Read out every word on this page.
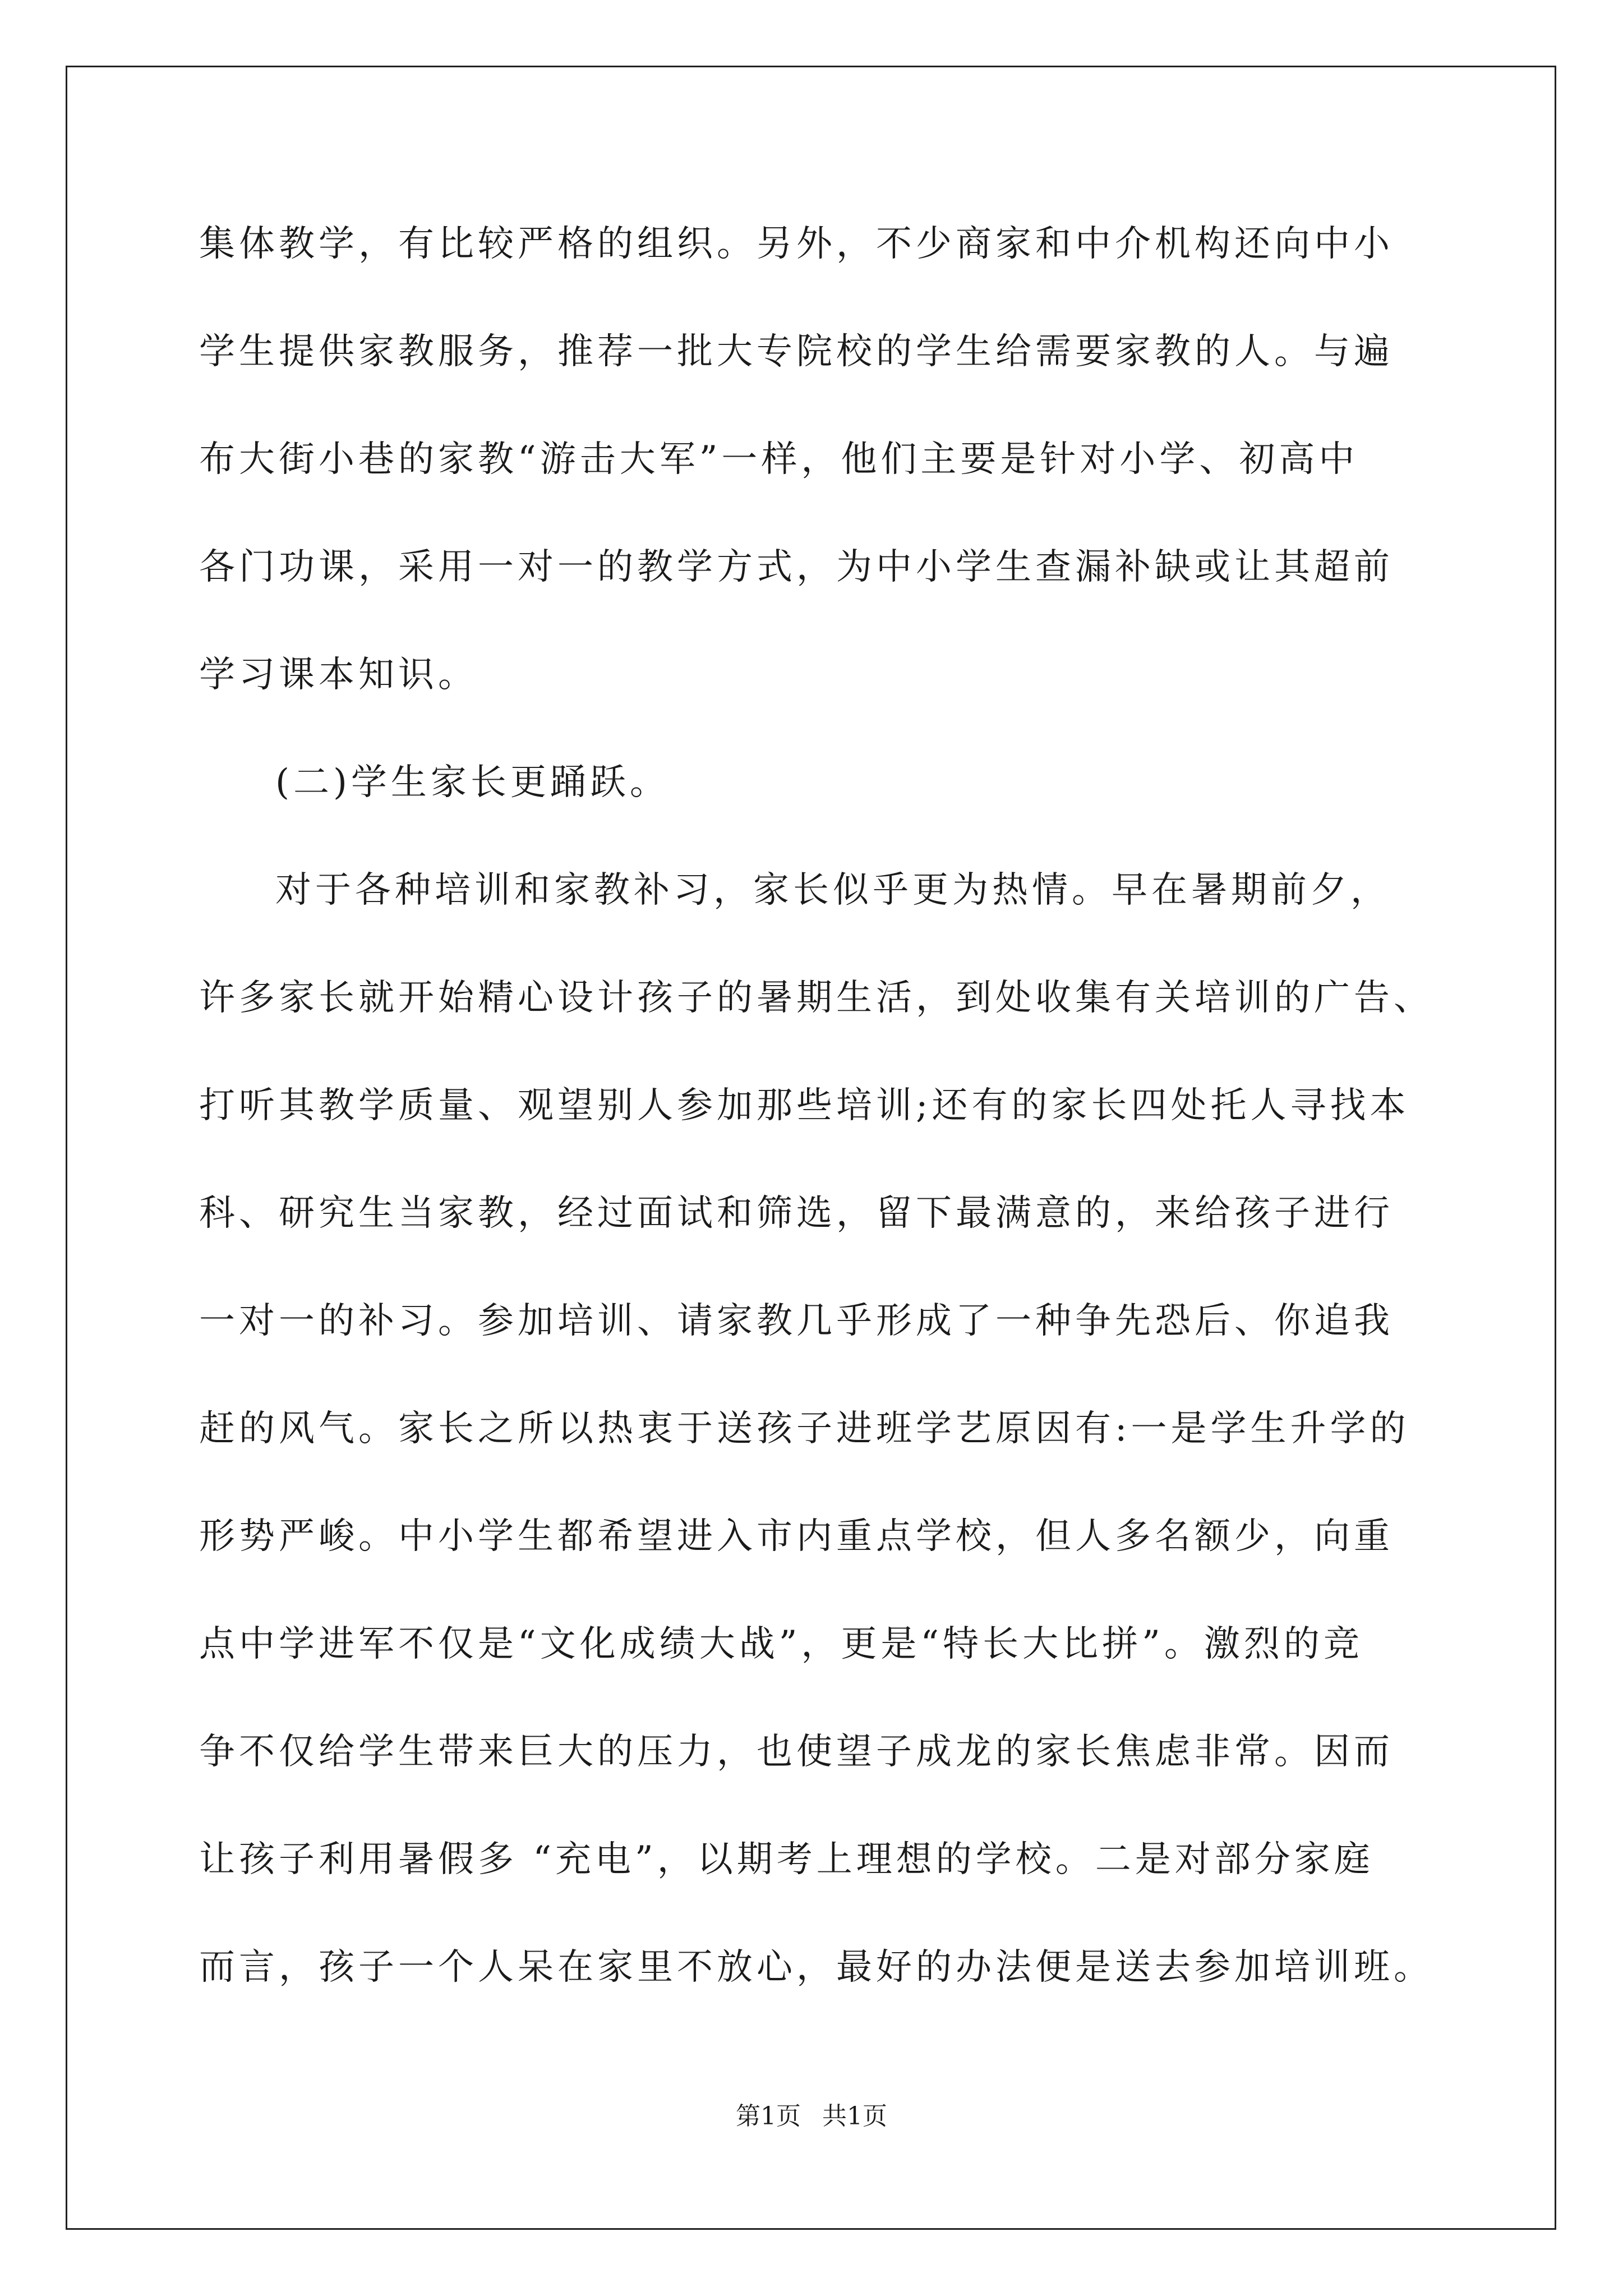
集体教学，有比较严格的组织。另外，不少商家和中介机构还向中小
学生提供家教服务，推荐一批大专院校的学生给需要家教的人。与遍
布大街小巷的家教“游击大军”一样，他们主要是针对小学、初高中
各门功课，采用一对一的教学方式，为中小学生查漏补缺或让其超前
学习课本知识。
(二)学生家长更踊跃。
对于各种培训和家教补习，家长似乎更为热情。早在暑期前夕，
许多家长就开始精心设计孩子的暑期生活，到处收集有关培训的广告、
打听其教学质量、观望别人参加那些培训;还有的家长四处托人寻找本
科、研究生当家教，经过面试和筛选，留下最满意的，来给孩子进行
一对一的补习。参加培训、请家教几乎形成了一种争先恐后、你追我
赶的风气。家长之所以热衷于送孩子进班学艺原因有:一是学生升学的
形势严峻。中小学生都希望进入市内重点学校，但人多名额少，向重
点中学进军不仅是“文化成绩大战”，更是“特长大比拼”。激烈的竞
争不仅给学生带来巨大的压力，也使望子成龙的家长焦虑非常。因而
让孩子利用暑假多 “充电”，以期考上理想的学校。二是对部分家庭
而言，孩子一个人呆在家里不放心，最好的办法便是送去参加培训班。
第1页 共1页
